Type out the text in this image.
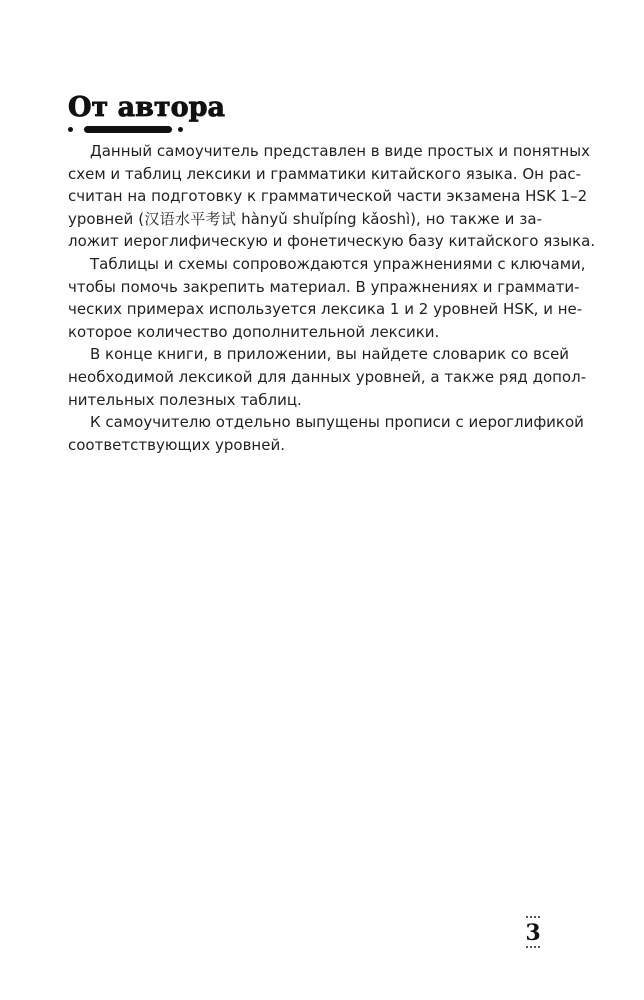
От автора
Данный самоучитель представлен в виде простых и понятных
схем и таблиц лексики и грамматики китайского языка. Он рас-
считан на подготовку к грамматической части экзамена HSK 1–2
уровней (汉语水平考试 hànyǔ shuǐpíng kǎoshì), но также и за-
ложит иероглифическую и фонетическую базу китайского языка.
Таблицы и схемы сопровождаются упражнениями с ключами,
чтобы помочь закрепить материал. В упражнениях и граммати-
ческих примерах используется лексика 1 и 2 уровней HSK, и не-
которое количество дополнительной лексики.
В конце книги, в приложении, вы найдете словарик со всей
необходимой лексикой для данных уровней, а также ряд допол-
нительных полезных таблиц.
К самоучителю отдельно выпущены прописи с иероглификой
соответствующих уровней.
3
